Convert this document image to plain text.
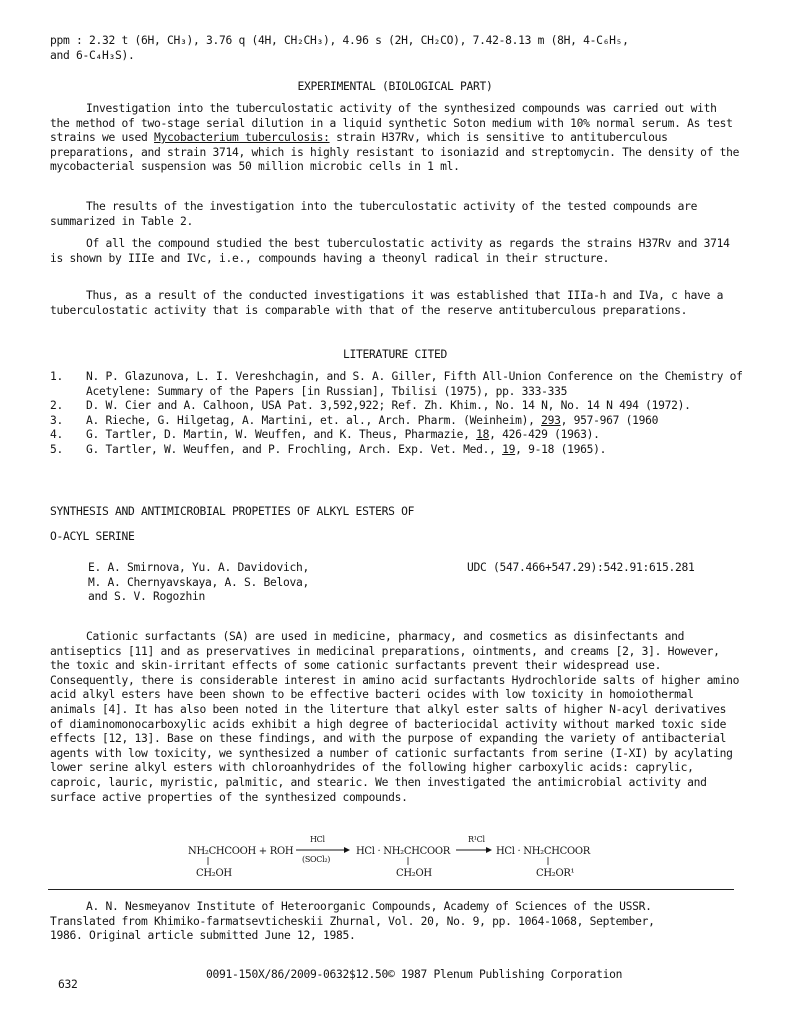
ppm : 2.32 t (6H, CH₃), 3.76 q (4H, CH₂CH₃), 4.96 s (2H, CH₂CO), 7.42-8.13 m (8H, 4-C₆H₅,
and 6-C₄H₃S).
EXPERIMENTAL (BIOLOGICAL PART)

Investigation into the tuberculostatic activity of the synthesized compounds was carried out with the method of two-stage serial dilution in a liquid synthetic Soton medium with 10% normal serum. As test strains we used Mycobacterium tuberculosis: strain H37Rv, which is sensitive to antituberculous preparations, and strain 3714, which is highly resistant to isoniazid and streptomycin. The density of the mycobacterial suspension was 50 million microbic cells in 1 ml.

The results of the investigation into the tuberculostatic activity of the tested compounds are summarized in Table 2.

Of all the compound studied the best tuberculostatic activity as regards the strains H37Rv and 3714 is shown by IIIe and IVc, i.e., compounds having a theonyl radical in their structure.

Thus, as a result of the conducted investigations it was established that IIIa-h and IVa, c have a tuberculostatic activity that is comparable with that of the reserve antituberculous preparations.

LITERATURE CITED
1. N. P. Glazunova, L. I. Vereshchagin, and S. A. Giller, Fifth All-Union Conference on the Chemistry of Acetylene: Summary of the Papers [in Russian], Tbilisi (1975), pp. 333-335
2. D. W. Cier and A. Calhoon, USA Pat. 3,592,922; Ref. Zh. Khim., No. 14 N, No. 14 N 494 (1972).
3. A. Rieche, G. Hilgetag, A. Martini, et. al., Arch. Pharm. (Weinheim), 293, 957-967 (1960
4. G. Tartler, D. Martin, W. Weuffen, and K. Theus, Pharmazie, 18, 426-429 (1963).
5. G. Tartler, W. Weuffen, and P. Frochling, Arch. Exp. Vet. Med., 19, 9-18 (1965).
SYNTHESIS AND ANTIMICROBIAL PROPETIES OF ALKYL ESTERS OF
O-ACYL SERINE
E. A. Smirnova, Yu. A. Davidovich,
M. A. Chernyavskaya, A. S. Belova,
and S. V. Rogozhin
UDC (547.466+547.29):542.91:615.281

Cationic surfactants (SA) are used in medicine, pharmacy, and cosmetics as disinfectants and antiseptics [11] and as preservatives in medicinal preparations, ointments, and creams [2, 3]. However, the toxic and skin-irritant effects of some cationic surfactants prevent their widespread use. Consequently, there is considerable interest in amino acid surfactants Hydrochloride salts of higher amino acid alkyl esters have been shown to be effective bacteri ocides with low toxicity in homoiothermal animals [4]. It has also been noted in the literture that alkyl ester salts of higher N-acyl derivatives of diaminomonocarboxylic acids exhibit a high degree of bacteriocidal activity without marked toxic side effects [12, 13]. Base on these findings, and with the purpose of expanding the variety of antibacterial agents with low toxicity, we synthesized a number of cationic surfactants from serine (I-XI) by acylating lower serine alkyl esters with chloroanhydrides of the following higher carboxylic acids: caprylic, caproic, lauric, myristic, palmitic, and stearic. We then investigated the antimicrobial activity and surface active properties of the synthesized compounds.

NH₂CHCOOH + ROH
CH₂OH
HCl
(SOCl₂)
HCl · NH₂CHCOOR
CH₂OH
R¹Cl
HCl · NH₂CHCOOR
CH₂OR¹
A. N. Nesmeyanov Institute of Heteroorganic Compounds, Academy of Sciences of the USSR.
Translated from Khimiko-farmatsevticheskii Zhurnal, Vol. 20, No. 9, pp. 1064-1068, September,
1986. Original article submitted June 12, 1985.
632
0091-150X/86/2009-0632$12.50© 1987 Plenum Publishing Corporation
